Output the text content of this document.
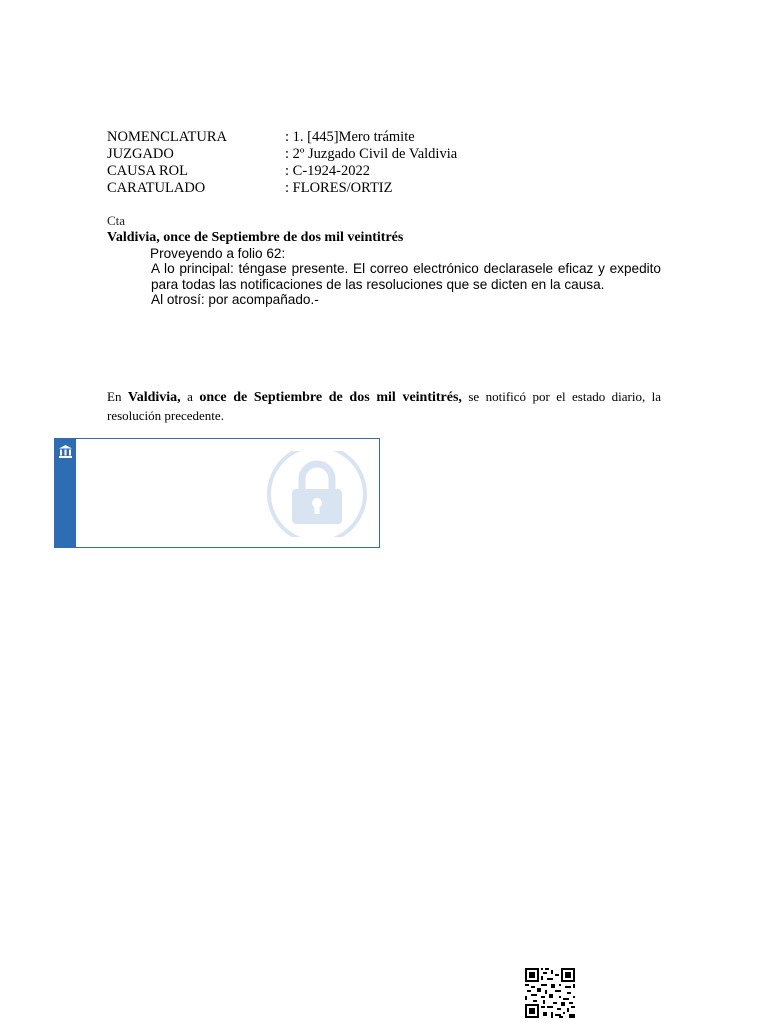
NOMENCLATURA	: 1. [445]Mero trámite
JUZGADO	: 2º Juzgado Civil de Valdivia
CAUSA ROL	: C-1924-2022
CARATULADO	: FLORES/ORTIZ
Cta
Valdivia, once de Septiembre de dos mil veintitrés
Proveyendo a folio 62:
A lo principal: téngase presente. El correo electrónico declarasele eficaz y expedito para todas las notificaciones de las resoluciones que se dicten en la causa.
Al otrosí: por acompañado.-
En Valdivia, a once de Septiembre de dos mil veintitrés, se notificó por el estado diario, la resolución precedente.
